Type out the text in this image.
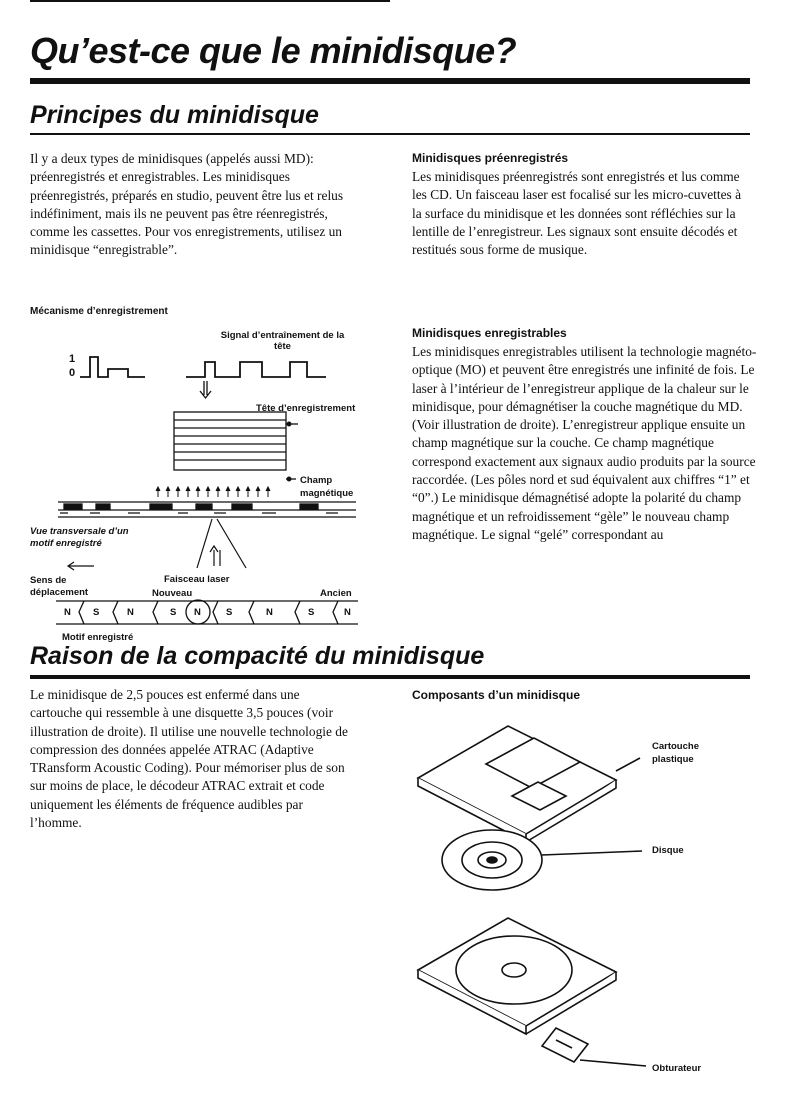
Qu’est-ce que le minidisque?
Principes du minidisque

Il y a deux types de minidisques (appelés aussi MD): préenregistrés et enregistrables. Les minidisques préenregistrés, préparés en studio, peuvent être lus et relus indéfiniment, mais ils ne peuvent pas être réenregistrés, comme les cassettes. Pour vos enregistrements, utilisez un minidisque “enregistrable”.

Mécanisme d’enregistrement

Signal d’entraînement de la tête

1
0

Tête d’enregistrement

Champ magnétique

Vue transversale d’un motif enregistré

Sens de déplacement

Faisceau laser

Nouveau	Ancien

Motif enregistré

N S	N	S N	S	N	S	N

Minidisques préenregistrés

Les minidisques préenregistrés sont enregistrés et lus comme les CD. Un faisceau laser est focalisé sur les micro-cuvettes à la surface du minidisque et les données sont réfléchies sur la lentille de l’enregistreur. Les signaux sont ensuite décodés et restitués sous forme de musique.

Minidisques enregistrables

Les minidisques enregistrables utilisent la technologie magnéto-optique (MO) et peuvent être enregistrés une infinité de fois. Le laser à l’intérieur de l’enregistreur applique de la chaleur sur le minidisque, pour démagnétiser la couche magnétique du MD. (Voir illustration de droite). L’enregistreur applique ensuite un champ magnétique sur la couche. Ce champ magnétique correspond exactement aux signaux audio produits par la source raccordée. (Les pôles nord et sud équivalent aux chiffres “1” et “0”.) Le minidisque démagnétisé adopte la polarité du champ magnétique et un refroidissement “gèle” le nouveau champ magnétique. Le signal “gelé” correspondant au

Raison de la compacité du minidisque

Le minidisque de 2,5 pouces est enfermé dans une cartouche qui ressemble à une disquette 3,5 pouces (voir illustration de droite). Il utilise une nouvelle technologie de compression des données appelée ATRAC (Adaptive TRansform Acoustic Coding). Pour mémoriser plus de son sur moins de place, le décodeur ATRAC extrait et code uniquement les éléments de fréquence audibles par l’homme.

Composants d’un minidisque

Cartouche plastique

Disque

Obturateur
